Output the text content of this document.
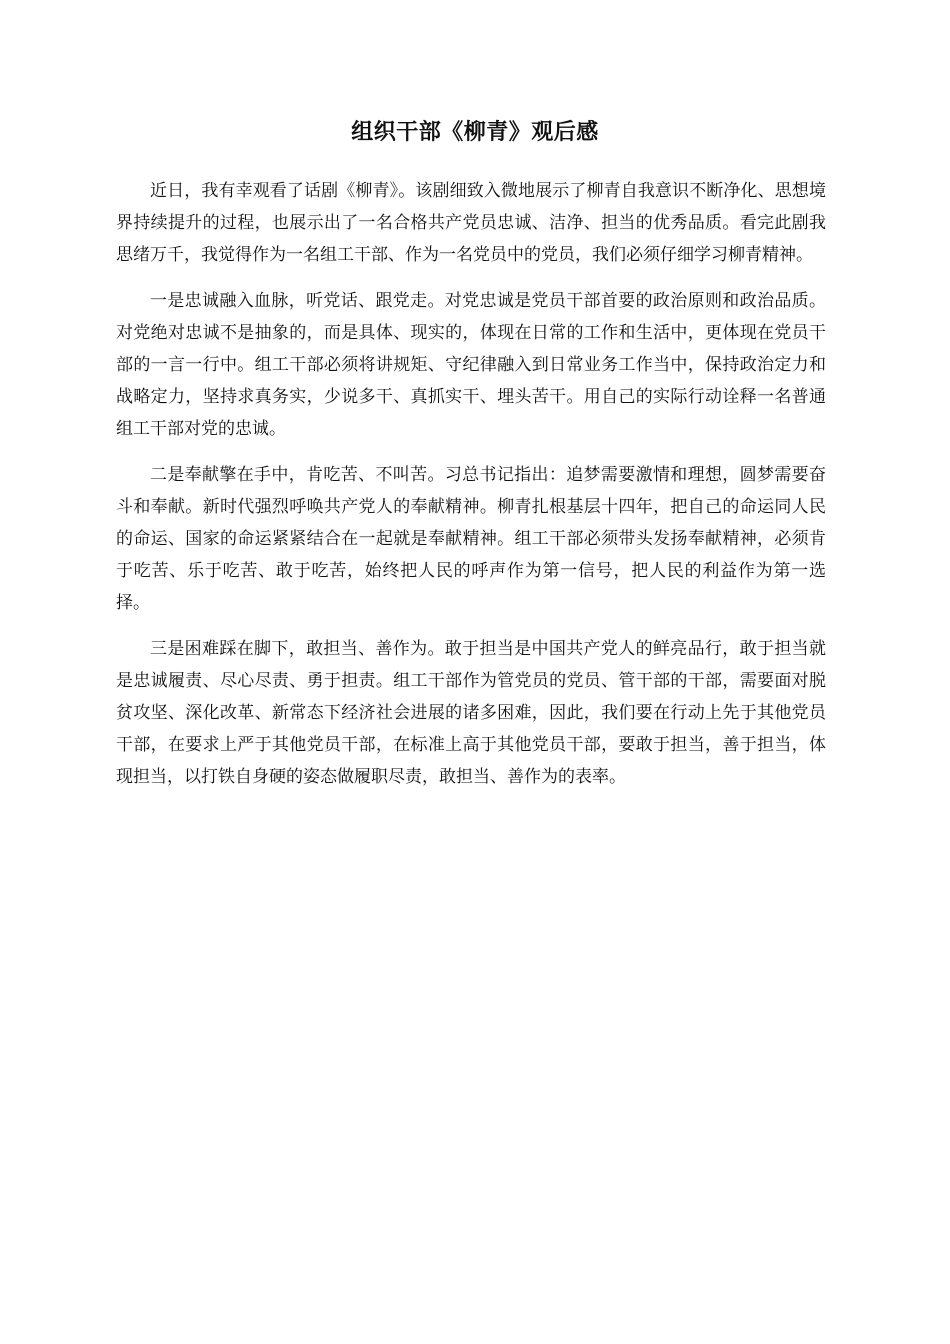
组织干部《柳青》观后感

近日，我有幸观看了话剧《柳青》。该剧细致入微地展示了柳青自我意识不断净化、思想境界持续提升的过程，也展示出了一名合格共产党员忠诚、洁净、担当的优秀品质。看完此剧我思绪万千，我觉得作为一名组工干部、作为一名党员中的党员，我们必须仔细学习柳青精神。

一是忠诚融入血脉，听党话、跟党走。对党忠诚是党员干部首要的政治原则和政治品质。对党绝对忠诚不是抽象的，而是具体、现实的，体现在日常的工作和生活中，更体现在党员干部的一言一行中。组工干部必须将讲规矩、守纪律融入到日常业务工作当中，保持政治定力和战略定力，坚持求真务实，少说多干、真抓实干、埋头苦干。用自己的实际行动诠释一名普通组工干部对党的忠诚。

二是奉献擎在手中，肯吃苦、不叫苦。习总书记指出：追梦需要激情和理想，圆梦需要奋斗和奉献。新时代强烈呼唤共产党人的奉献精神。柳青扎根基层十四年，把自己的命运同人民的命运、国家的命运紧紧结合在一起就是奉献精神。组工干部必须带头发扬奉献精神，必须肯于吃苦、乐于吃苦、敢于吃苦，始终把人民的呼声作为第一信号，把人民的利益作为第一选择。

三是困难踩在脚下，敢担当、善作为。敢于担当是中国共产党人的鲜亮品行，敢于担当就是忠诚履责、尽心尽责、勇于担责。组工干部作为管党员的党员、管干部的干部，需要面对脱贫攻坚、深化改革、新常态下经济社会进展的诸多困难，因此，我们要在行动上先于其他党员干部，在要求上严于其他党员干部，在标准上高于其他党员干部，要敢于担当，善于担当，体现担当，以打铁自身硬的姿态做履职尽责，敢担当、善作为的表率。
